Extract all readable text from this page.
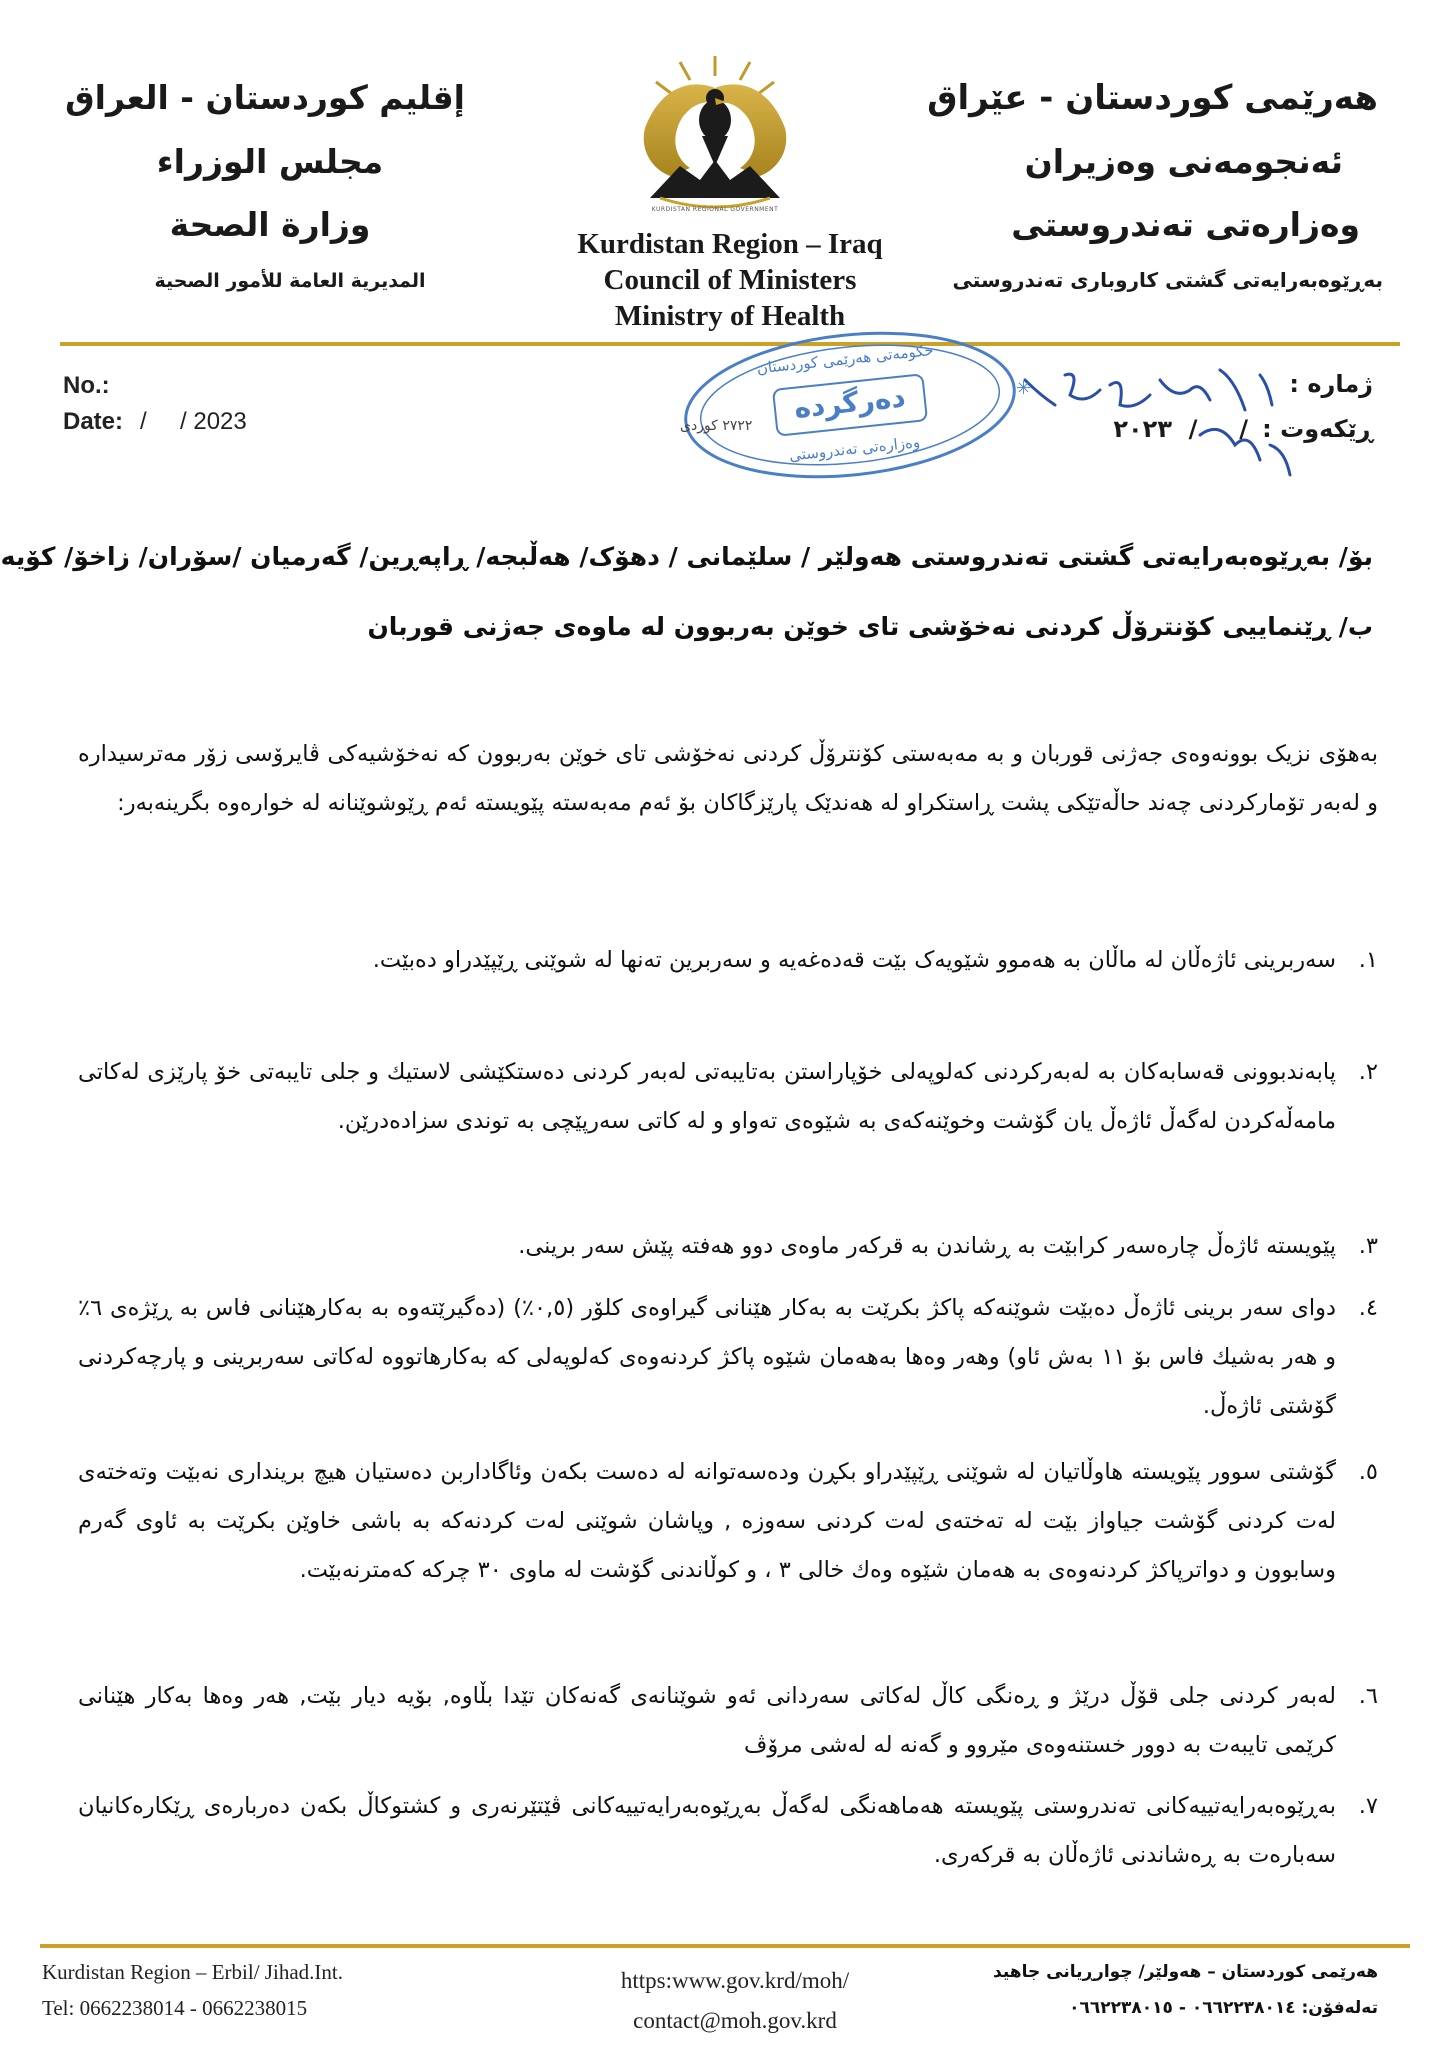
هەرێمی کوردستان - عێراق
ئەنجومەنی وەزیران
وەزارەتی تەندروستی
بەڕێوەبەرایەتی گشتی کاروباری تەندروستی
إقليم كوردستان - العراق
مجلس الوزراء
وزارة الصحة
المديرية العامة للأمور الصحية
KURDISTAN REGIONAL GOVERNMENT
Kurdistan Region – Iraq
Council of Ministers
Ministry of Health
No.:
Date: /     / 2023
ژمارە :
ڕێکەوت :
/     /  ٢٠٢٣
حکومەتی هەرێمی کوردستان
دەرگرده
وەزارەتی تەندروستی
٢٧٢٢ کوردی
✳
بۆ/ بەڕێوەبەرایەتی گشتی تەندروستی هەولێر / سلێمانی / دهۆک/ هەڵبجە/ ڕاپەڕین/ گەرمیان /سۆران/ زاخۆ/ کۆیە
ب/ ڕێنماییی کۆنترۆڵ کردنی نەخۆشی تای خوێن بەربوون لە ماوەی جەژنی قوربان
بەهۆی نزیک بوونەوەی جەژنی قوربان و بە مەبەستی کۆنترۆڵ کردنی نەخۆشی تای خوێن بەربوون کە نەخۆشیەکی ڤایرۆسی زۆر مەترسیدارە و لەبەر تۆمارکردنی چەند حاڵەتێکی پشت ڕاستکراو لە هەندێک پارێزگاکان بۆ ئەم مەبەستە پێویستە ئەم ڕێوشوێنانە لە خوارەوە بگرینەبەر:
١.
سەربرینی ئاژەڵان لە ماڵان بە هەموو شێویەک بێت قەدەغەیە و سەربرین تەنها لە شوێنی ڕێپێدراو دەبێت.
٢.
پابەندبوونی قەسابەکان بە لەبەرکردنی کەلوپەلی خۆپاراستن بەتایبەتی لەبەر کردنی دەستکێشی لاستیك و جلی تایبەتی خۆ پارێزی لەکاتی مامەڵەکردن لەگەڵ ئاژەڵ یان گۆشت وخوێنەکەی بە شێوەی تەواو و لە کاتی سەرپێچی بە توندی سزادەدرێن.
٣.
پێویستە ئاژەڵ چارەسەر کرابێت بە ڕشاندن بە قرکەر ماوەی دوو هەفتە پێش سەر برینی.
٤.
دوای سەر برینی ئاژەڵ دەبێت شوێنەکە پاکژ بکرێت بە بەکار هێنانی گیراوەی کلۆر (٠,٥٪) (دەگیرێتەوە بە بەکارهێنانی فاس بە ڕێژەی ٦٪ و هەر بەشیك فاس بۆ ١١ بەش ئاو) وهەر وەها بەهەمان شێوە پاکژ کردنەوەی کەلوپەلی کە بەکارهاتووە لەکاتی سەربرینی و پارچەکردنی گۆشتی ئاژەڵ.
٥.
گۆشتی سوور پێویستە هاوڵاتیان لە شوێنی ڕێپێدراو بکڕن ودەسەتوانە لە دەست بکەن وئاگاداربن دەستیان هیچ برینداری نەبێت وتەختەی لەت کردنی گۆشت جیاواز بێت لە تەختەی لەت کردنی سەوزە , وپاشان شوێنی لەت کردنەکە بە باشی خاوێن بکرێت بە ئاوی گەرم وسابوون و دواترپاکژ کردنەوەی بە هەمان شێوە وەك خالی ٣ ، و کوڵاندنی گۆشت لە ماوی ٣٠ چرکە کەمترنەبێت.
٦.
لەبەر کردنی جلی قۆڵ درێژ و ڕەنگی کاڵ لەکاتی سەردانی ئەو شوێنانەی گەنەکان تێدا بڵاوە, بۆیە دیار بێت, هەر وەها بەکار هێنانی کرێمی تایبەت بە دوور خستنەوەی مێروو و گەنە لە لەشی مرۆڤ
٧.
بەڕێوەبەرایەتییەکانی تەندروستی پێویستە هەماهەنگی لەگەڵ بەڕێوەبەرایەتییەکانی ڤێتێرنەری و کشتوکاڵ بکەن دەربارەی ڕێکارەکانیان سەبارەت بە ڕەشاندنی ئاژەڵان بە قرکەری.
Kurdistan Region – Erbil/ Jihad.Int.
Tel: 0662238014 - 0662238015
https:www.gov.krd/moh/
contact@moh.gov.krd
هەرێمی کوردستان – هەولێر/ چوارڕیانی جاهید
تەلەفۆن: ٠٦٦٢٢٣٨٠١٤ - ٠٦٦٢٢٣٨٠١٥
